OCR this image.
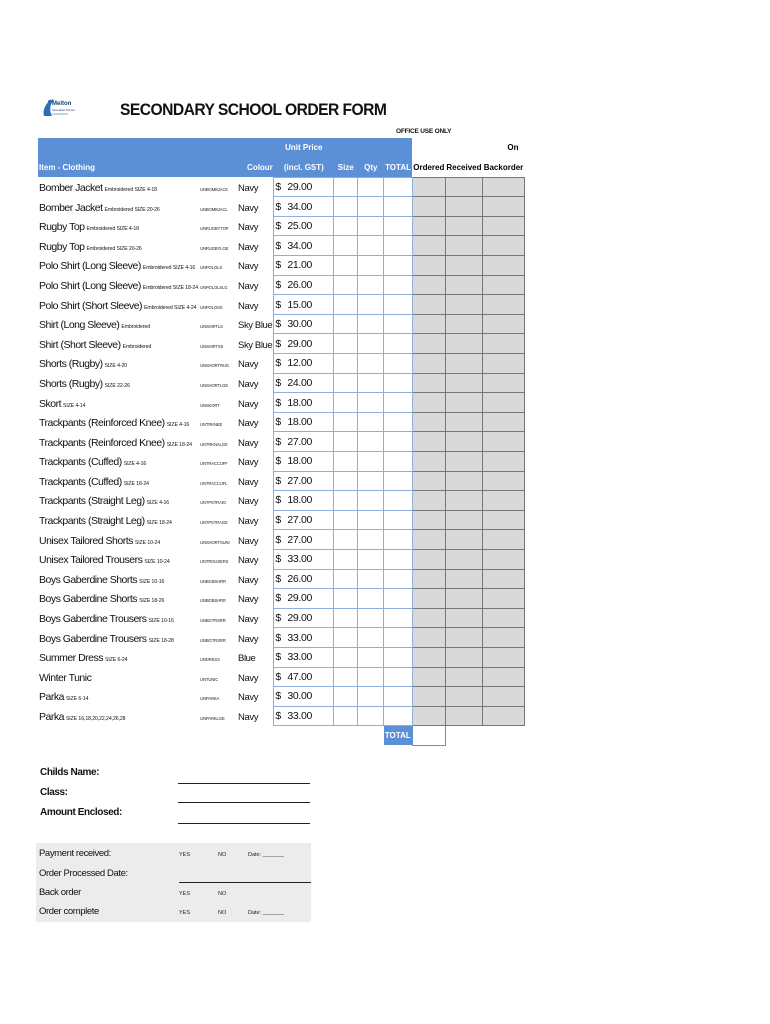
Melton
Specialist School	SECONDARY SCHOOL ORDER FORM
OFFICE USE ONLY
			Unit Price						On
Item - Clothing		Colour	(incl. GST)	Size	Qty	TOTAL	Ordered	Received	Backorder
Bomber Jacket Embroidered SIZE 4-18	UNBOMBJACK	Navy	$ 29.00						
Bomber Jacket Embroidered SIZE 20-26	UNBOMBJACL	Navy	$ 34.00						
Rugby Top Embroidered SIZE 4-18	UNRUGBYTOP	Navy	$ 25.00						
Rugby Top Embroidered SIZE 20-26	UNRUGBYLGE	Navy	$ 34.00						
Polo Shirt (Long Sleeve) Embroidered SIZE 4-16	UNPOLOLS	Navy	$ 21.00						
Polo Shirt (Long Sleeve) Embroidered SIZE 18-24	UNPOLOLSLG	Navy	$ 26.00						
Polo Shirt (Short Sleeve) Embroidered SIZE 4-24	UNPOLOSS	Navy	$ 15.00						
Shirt (Long Sleeve) Embroidered	UNSHIRTLS	Sky Blue	$ 30.00						
Shirt (Short Sleeve) Embroidered	UNSHIRTSS	Sky Blue	$ 29.00						
Shorts (Rugby) SIZE 4-20	UNSHORTRUG	Navy	$ 12.00						
Shorts (Rugby) SIZE 22-26	UNSHORTLGE	Navy	$ 24.00						
Skort SIZE 4-14	UNSKORT	Navy	$ 18.00						
Trackpants (Reinforced Knee) SIZE 4-16	UNTRKNEE	Navy	$ 18.00						
Trackpants (Reinforced Knee) SIZE 18-24	UNTRKNALGE	Navy	$ 27.00						
Trackpants (Cuffed) SIZE 4-16	UNTRACCUFF	Navy	$ 18.00						
Trackpants (Cuffed) SIZE 18-24	UNTRACCUFL	Navy	$ 27.00						
Trackpants (Straight Leg) SIZE 4-16	UNTPSTRAIG	Navy	$ 18.00						
Trackpants (Straight Leg) SIZE 18-24	UNTPSTRAGE	Navy	$ 27.00						
Unisex Tailored Shorts SIZE 10-24	UNSHORTSUNI	Navy	$ 27.00						
Unisex Tailored Trousers SIZE 10-24	UNTROUSERS	Navy	$ 33.00						
Boys Gaberdine Shorts SIZE 10-16	UNBGBSHRR	Navy	$ 26.00						
Boys Gaberdine Shorts SIZE 18-26	UNBGBSHRR	Navy	$ 29.00						
Boys Gaberdine Trousers SIZE 10-16	UNBGTRSRR	Navy	$ 29.00						
Boys Gaberdine Trousers SIZE 18-28	UNBGTRSRR	Navy	$ 33.00						
Summer Dress SIZE 6-24	UNDRESS	Blue	$ 33.00						
Winter Tunic	UNTUNIC	Navy	$ 47.00						
Parka SIZE 6-14	UNPARKA	Navy	$ 30.00						
Parka SIZE 16,18,20,22,24,26,28	UNPARKLGE	Navy	$ 33.00						
						TOTAL			
Childs Name:
Class:
Amount Enclosed:
Payment received:	YES	NO	Date: _______
Order Processed Date:
Back order	YES	NO
Order complete	YES	NO	Date: _______
